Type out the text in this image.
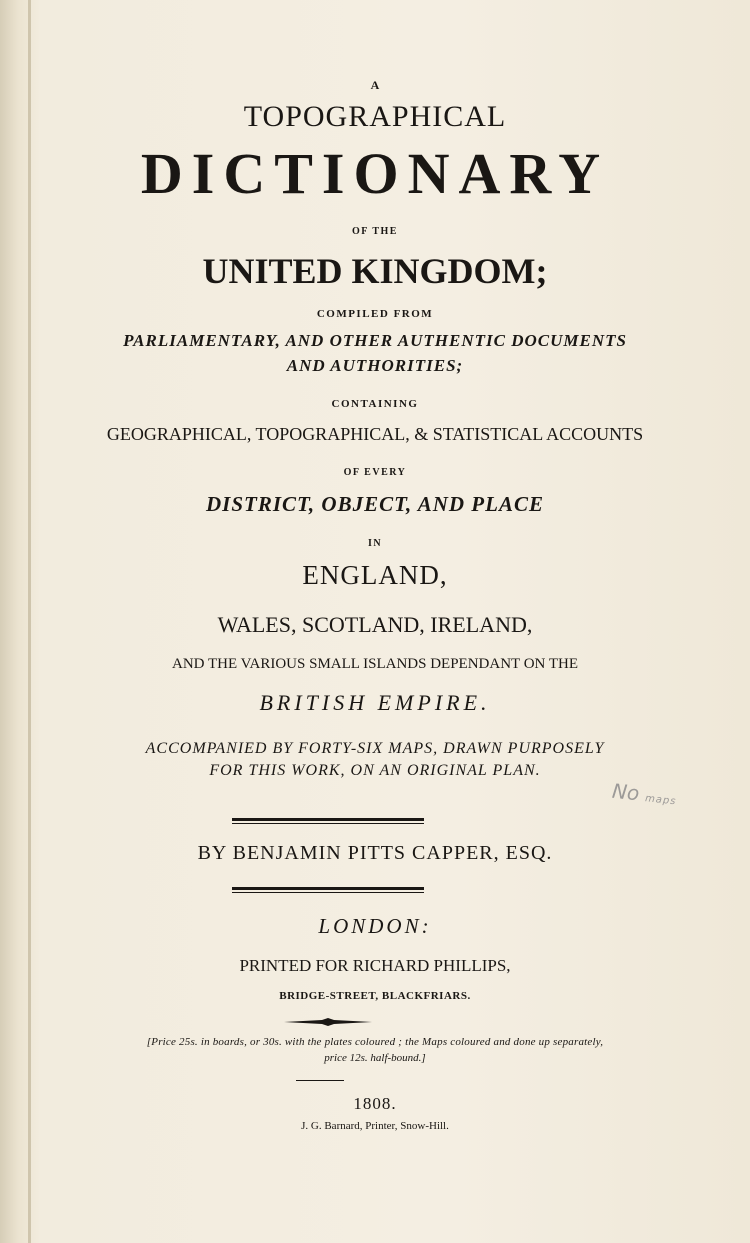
A
TOPOGRAPHICAL
DICTIONARY
OF THE
UNITED KINGDOM;
COMPILED FROM
PARLIAMENTARY, AND OTHER AUTHENTIC DOCUMENTS
AND AUTHORITIES;
CONTAINING
GEOGRAPHICAL, TOPOGRAPHICAL, & STATISTICAL ACCOUNTS
OF EVERY
DISTRICT, OBJECT, AND PLACE
IN
ENGLAND,
WALES, SCOTLAND, IRELAND,
AND THE VARIOUS SMALL ISLANDS DEPENDANT ON THE
BRITISH EMPIRE.
ACCOMPANIED BY FORTY-SIX MAPS, DRAWN PURPOSELY
FOR THIS WORK, ON AN ORIGINAL PLAN.
BY BENJAMIN PITTS CAPPER, ESQ.
LONDON:
PRINTED FOR RICHARD PHILLIPS,
BRIDGE-STREET, BLACKFRIARS.
[Price 25s. in boards, or 30s. with the plates coloured ; the Maps coloured and done up separately,
price 12s. half-bound.]
1808.
J. G. Barnard, Printer, Snow-Hill.
No maps
